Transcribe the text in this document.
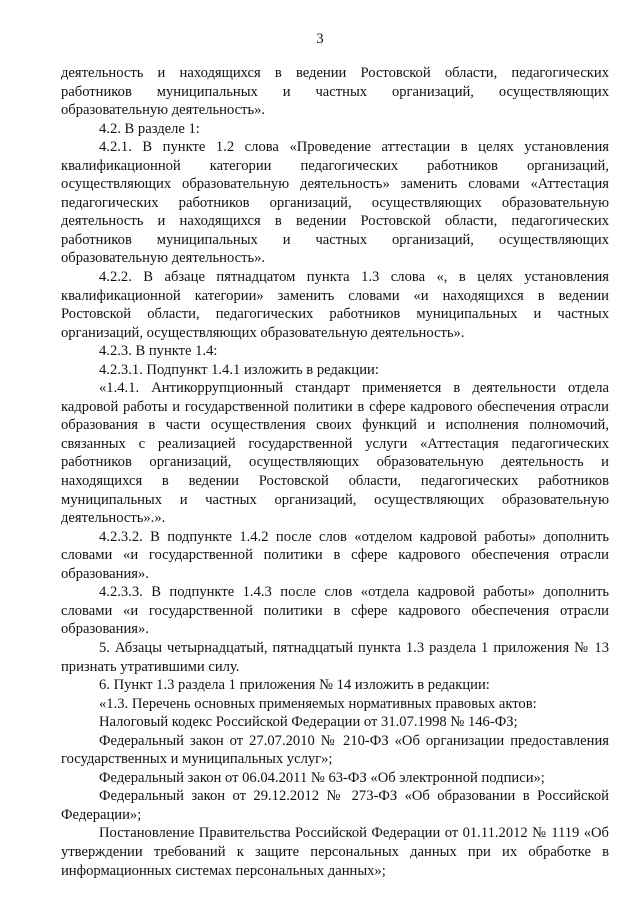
3

деятельность и находящихся в ведении Ростовской области, педагогических работников муниципальных и частных организаций, осуществляющих образовательную деятельность».

4.2. В разделе 1:

4.2.1. В пункте 1.2 слова «Проведение аттестации в целях установления квалификационной категории педагогических работников организаций, осуществляющих образовательную деятельность» заменить словами «Аттестация педагогических работников организаций, осуществляющих образовательную деятельность и находящихся в ведении Ростовской области, педагогических работников муниципальных и частных организаций, осуществляющих образовательную деятельность».

4.2.2. В абзаце пятнадцатом пункта 1.3 слова «, в целях установления квалификационной категории» заменить словами «и находящихся в ведении Ростовской области, педагогических работников муниципальных и частных организаций, осуществляющих образовательную деятельность».

4.2.3. В пункте 1.4:

4.2.3.1. Подпункт 1.4.1 изложить в редакции:

«1.4.1. Антикоррупционный стандарт применяется в деятельности отдела кадровой работы и государственной политики в сфере кадрового обеспечения отрасли образования в части осуществления своих функций и исполнения полномочий, связанных с реализацией государственной услуги «Аттестация педагогических работников организаций, осуществляющих образовательную деятельность и находящихся в ведении Ростовской области, педагогических работников муниципальных и частных организаций, осуществляющих образовательную деятельность».».

4.2.3.2. В подпункте 1.4.2 после слов «отделом кадровой работы» дополнить словами «и государственной политики в сфере кадрового обеспечения отрасли образования».

4.2.3.3. В подпункте 1.4.3 после слов «отдела кадровой работы» дополнить словами «и государственной политики в сфере кадрового обеспечения отрасли образования».

5. Абзацы четырнадцатый, пятнадцатый пункта 1.3 раздела 1 приложения № 13 признать утратившими силу.

6. Пункт 1.3 раздела 1 приложения № 14 изложить в редакции:

«1.3. Перечень основных применяемых нормативных правовых актов:

Налоговый кодекс Российской Федерации от 31.07.1998 № 146-ФЗ;

Федеральный закон от 27.07.2010 № 210-ФЗ «Об организации предоставления государственных и муниципальных услуг»;

Федеральный закон от 06.04.2011 № 63-ФЗ «Об электронной подписи»;

Федеральный закон от 29.12.2012 № 273-ФЗ «Об образовании в Российской Федерации»;

Постановление Правительства Российской Федерации от 01.11.2012 № 1119 «Об утверждении требований к защите персональных данных при их обработке в информационных системах персональных данных»;
